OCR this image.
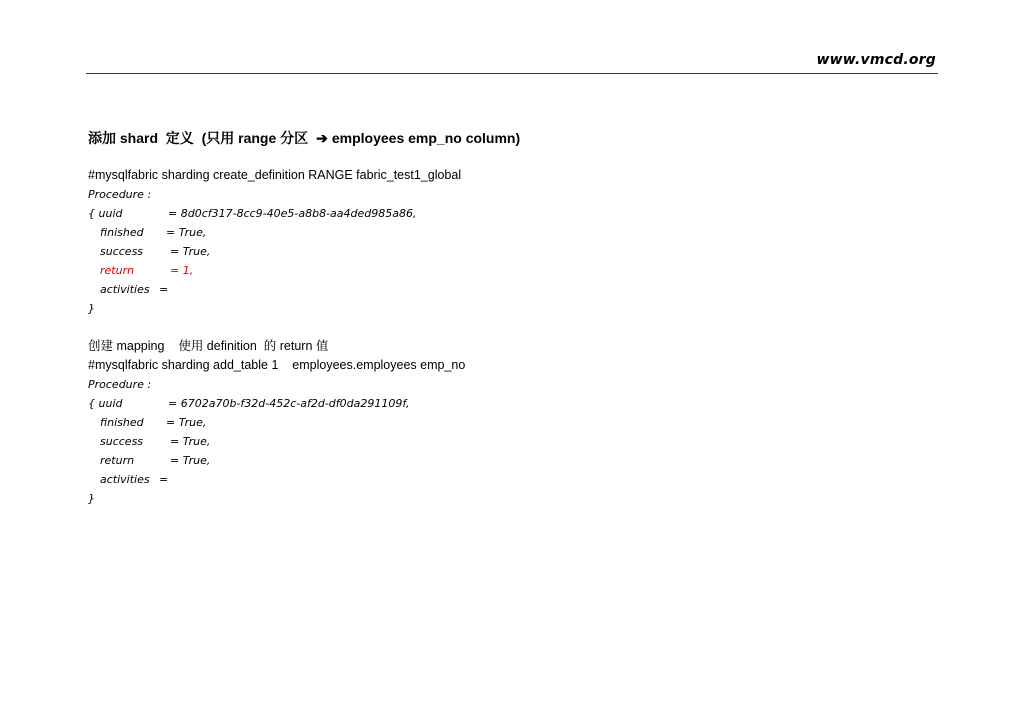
www.vmcd.org
添加 shard  定义  (只用 range 分区 ➔ employees emp_no column)
#mysqlfabric sharding create_definition RANGE fabric_test1_global
Procedure :
{ uuid	= 8d0cf317-8cc9-40e5-a8b8-aa4ded985a86,
finished	= True,
success	= True,
return	= 1,
activities =
}
创建 mapping    使用 definition  的 return 值
#mysqlfabric sharding add_table 1    employees.employees emp_no
Procedure :
{ uuid	= 6702a70b-f32d-452c-af2d-df0da291109f,
finished	= True,
success	= True,
return	= True,
activities =
}
